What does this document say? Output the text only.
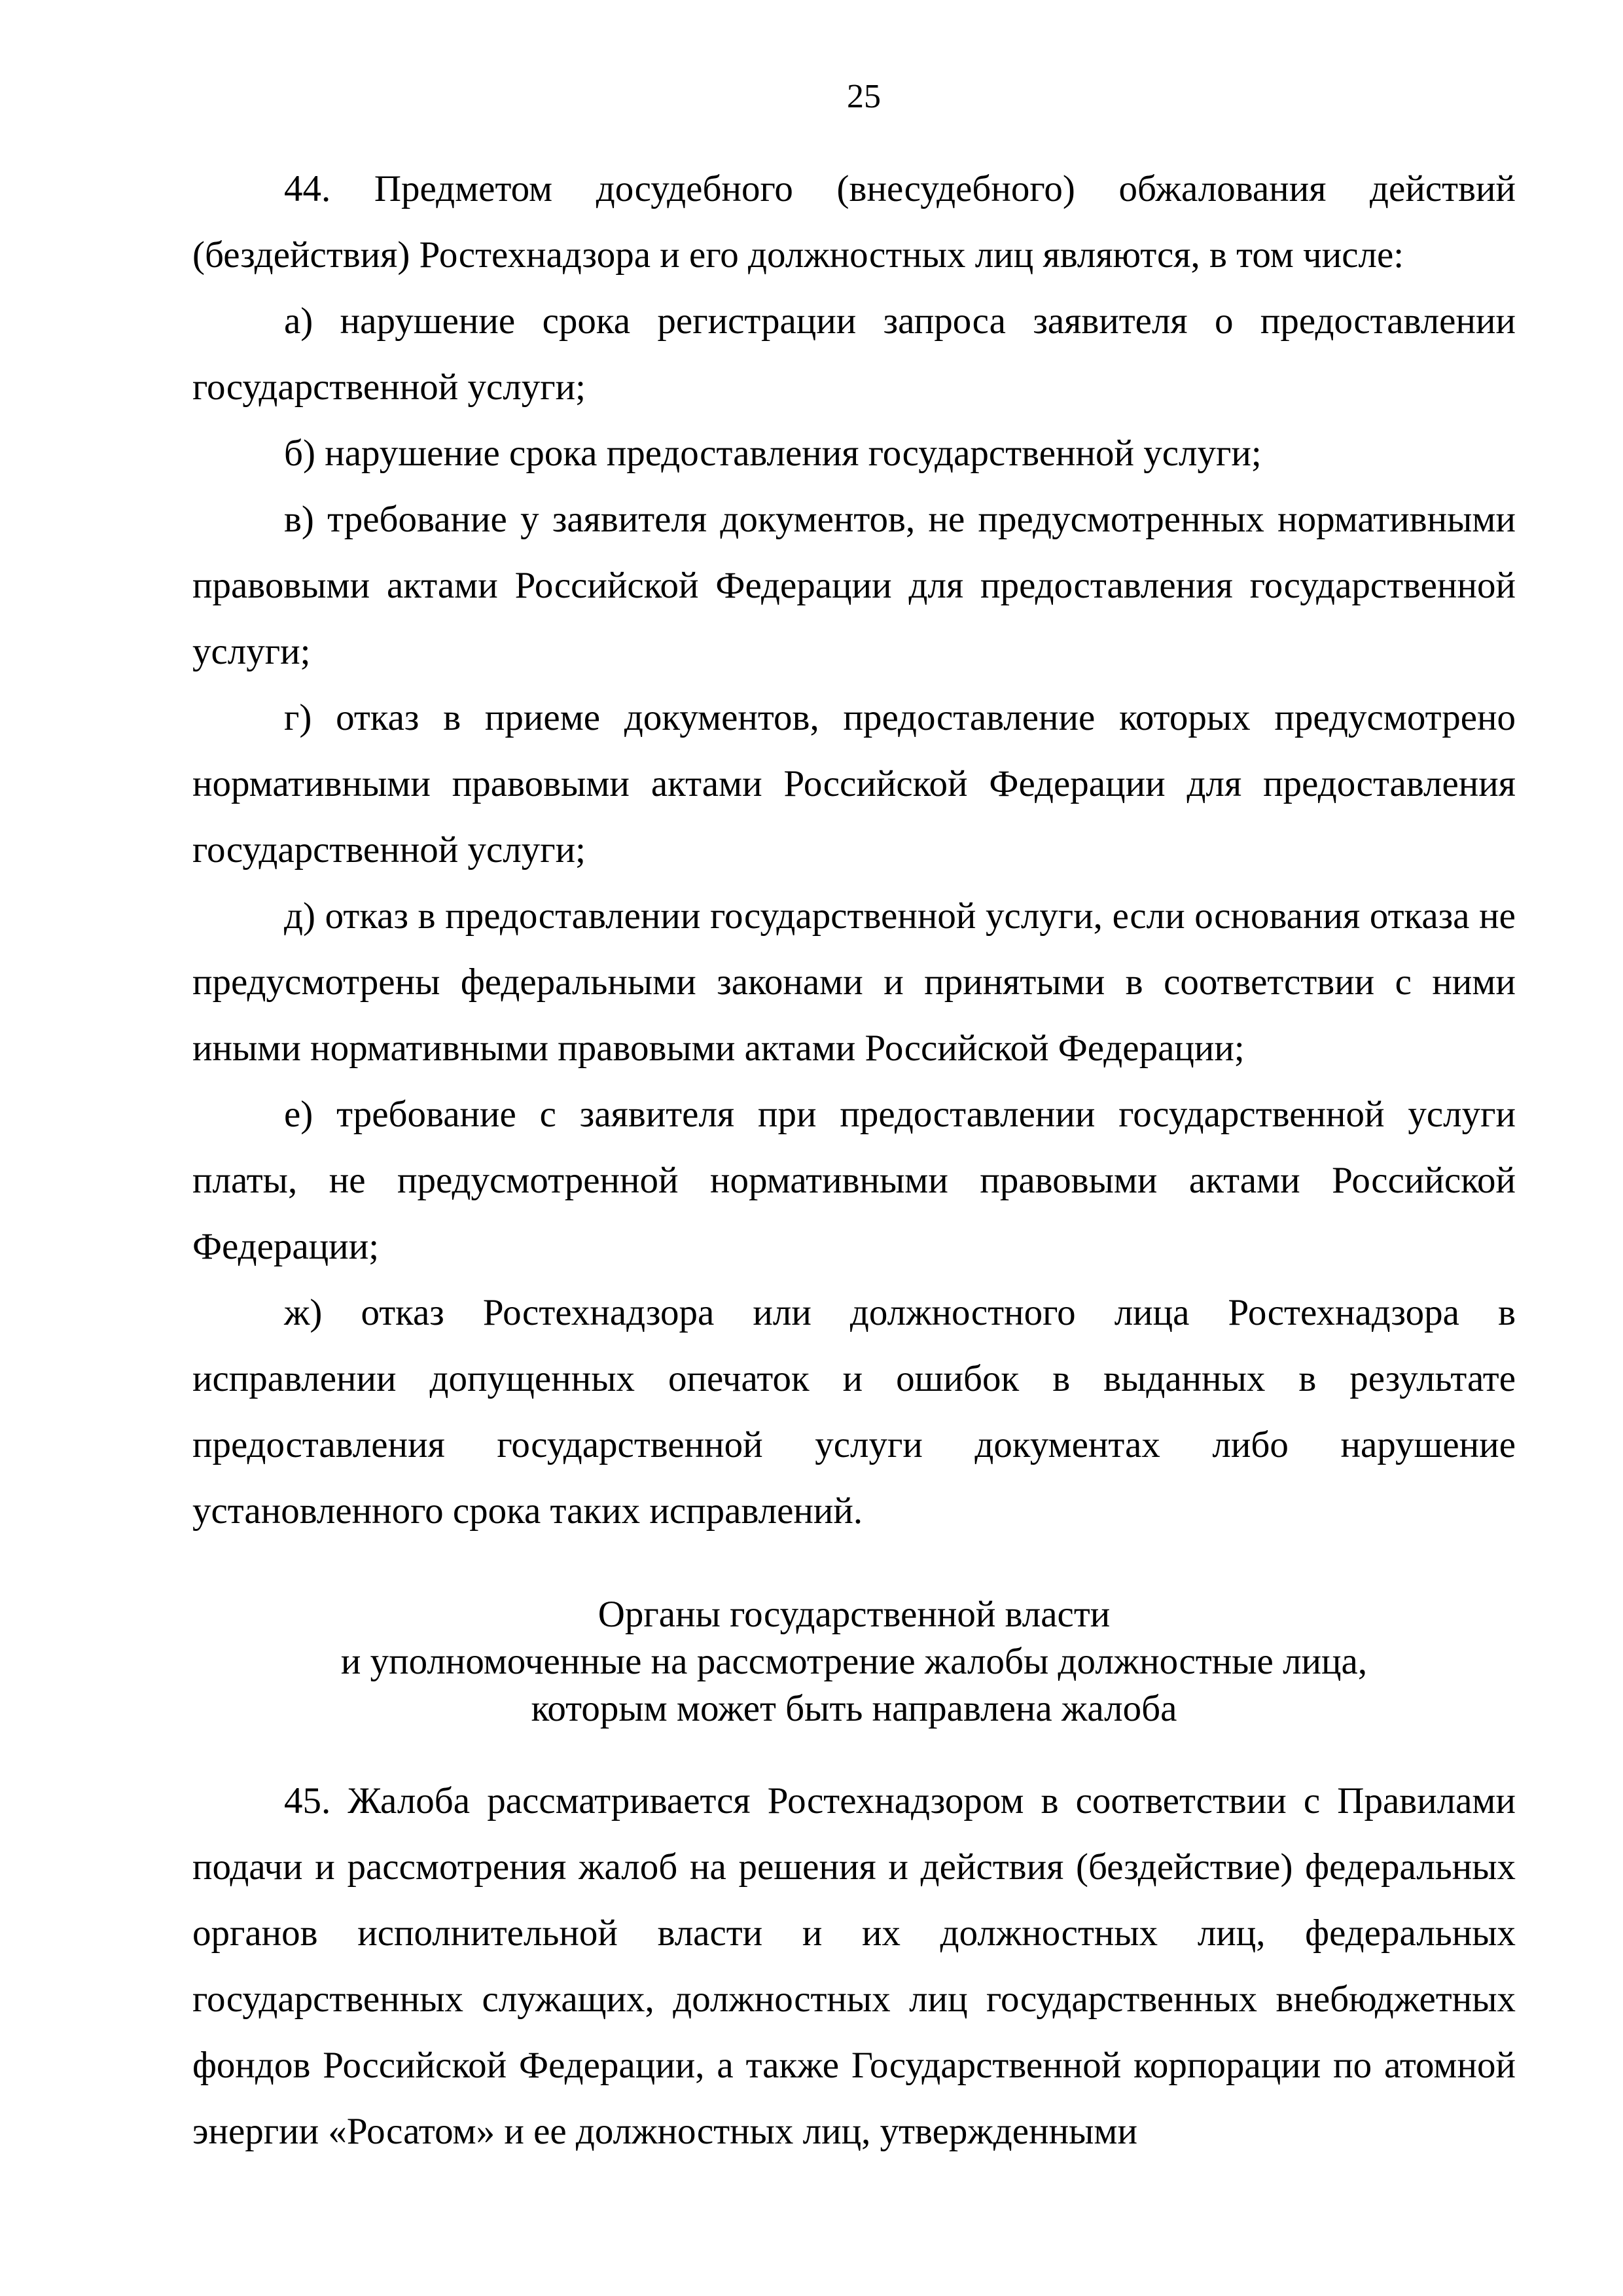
25

44. Предметом досудебного (внесудебного) обжалования действий (бездействия) Ростехнадзора и его должностных лиц являются, в том числе:

а) нарушение срока регистрации запроса заявителя о предоставлении государственной услуги;

б) нарушение срока предоставления государственной услуги;

в) требование у заявителя документов, не предусмотренных нормативными правовыми актами Российской Федерации для предоставления государственной услуги;

г) отказ в приеме документов, предоставление которых предусмотрено нормативными правовыми актами Российской Федерации для предоставления государственной услуги;

д) отказ в предоставлении государственной услуги, если основания отказа не предусмотрены федеральными законами и принятыми в соответствии с ними иными нормативными правовыми актами Российской Федерации;

е) требование с заявителя при предоставлении государственной услуги платы, не предусмотренной нормативными правовыми актами Российской Федерации;

ж) отказ Ростехнадзора или должностного лица Ростехнадзора в исправлении допущенных опечаток и ошибок в выданных в результате предоставления государственной услуги документах либо нарушение установленного срока таких исправлений.

Органы государственной власти
и уполномоченные на рассмотрение жалобы должностные лица,
которым может быть направлена жалоба

45. Жалоба рассматривается Ростехнадзором в соответствии с Правилами подачи и рассмотрения жалоб на решения и действия (бездействие) федеральных органов исполнительной власти и их должностных лиц, федеральных государственных служащих, должностных лиц государственных внебюджетных фондов Российской Федерации, а также Государственной корпорации по атомной энергии «Росатом» и ее должностных лиц, утвержденными
